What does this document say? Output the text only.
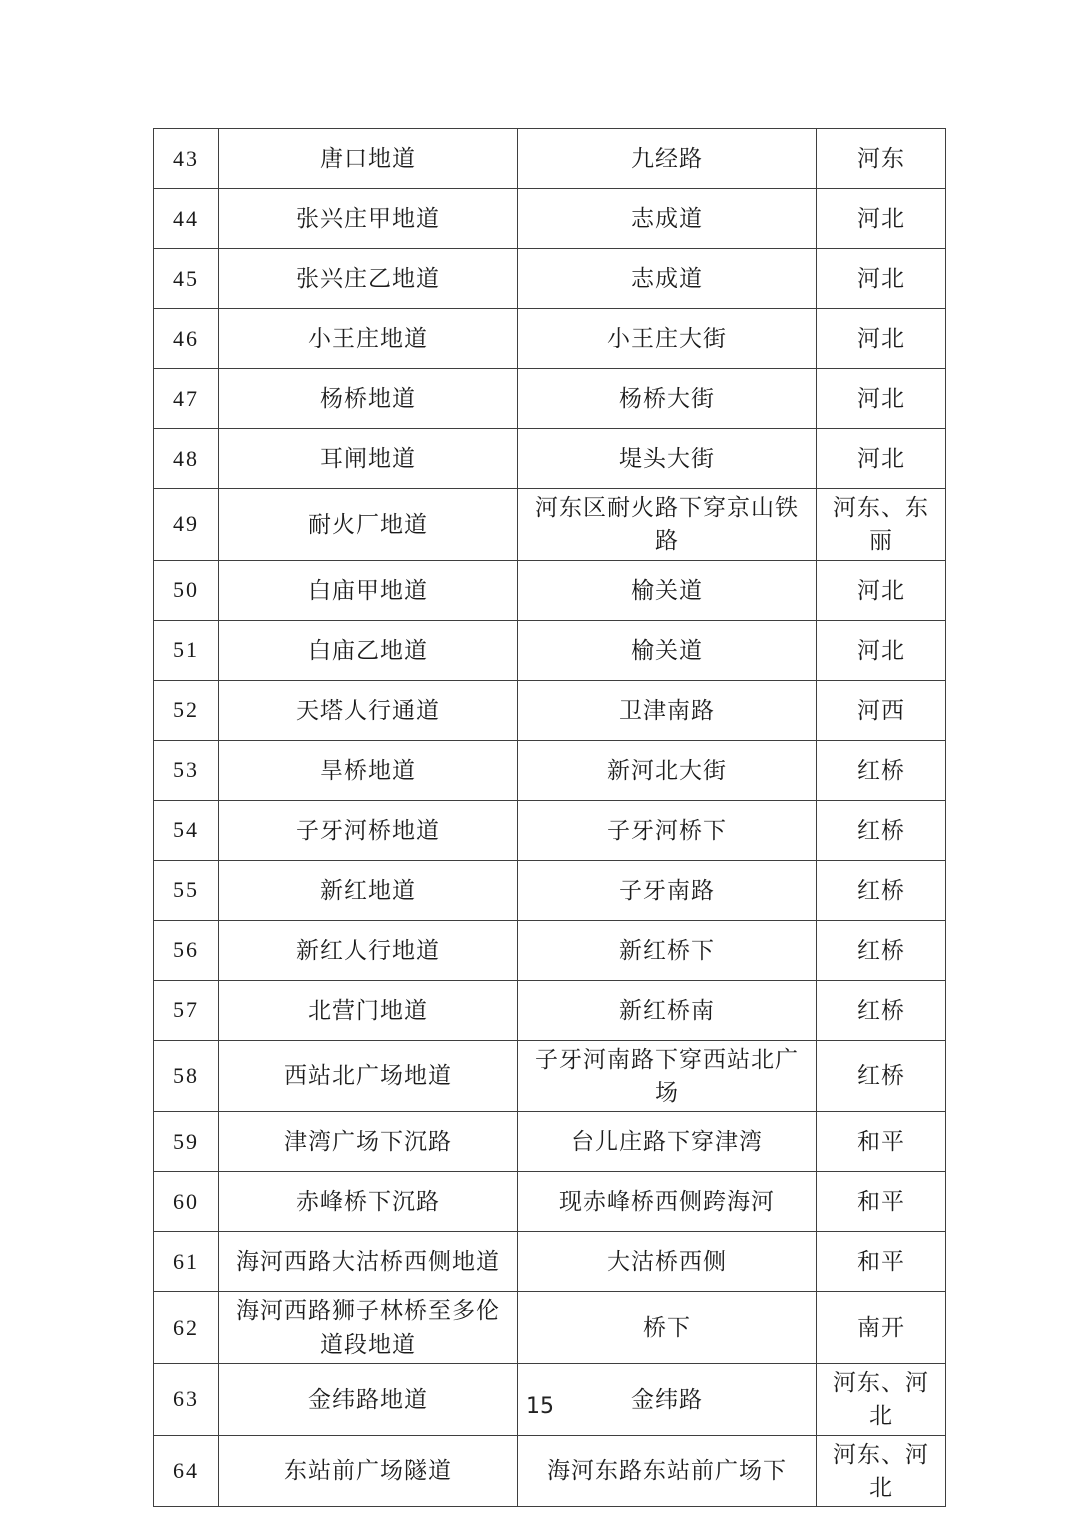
43	唐口地道	九经路	河东
44	张兴庄甲地道	志成道	河北
45	张兴庄乙地道	志成道	河北
46	小王庄地道	小王庄大街	河北
47	杨桥地道	杨桥大街	河北
48	耳闸地道	堤头大街	河北
49	耐火厂地道	河东区耐火路下穿京山铁路	河东、东丽
50	白庙甲地道	榆关道	河北
51	白庙乙地道	榆关道	河北
52	天塔人行通道	卫津南路	河西
53	旱桥地道	新河北大街	红桥
54	子牙河桥地道	子牙河桥下	红桥
55	新红地道	子牙南路	红桥
56	新红人行地道	新红桥下	红桥
57	北营门地道	新红桥南	红桥
58	西站北广场地道	子牙河南路下穿西站北广场	红桥
59	津湾广场下沉路	台儿庄路下穿津湾	和平
60	赤峰桥下沉路	现赤峰桥西侧跨海河	和平
61	海河西路大沽桥西侧地道	大沽桥西侧	和平
62	海河西路狮子林桥至多伦道段地道	桥下	南开
63	金纬路地道	金纬路	河东、河北
64	东站前广场隧道	海河东路东站前广场下	河东、河北
15
